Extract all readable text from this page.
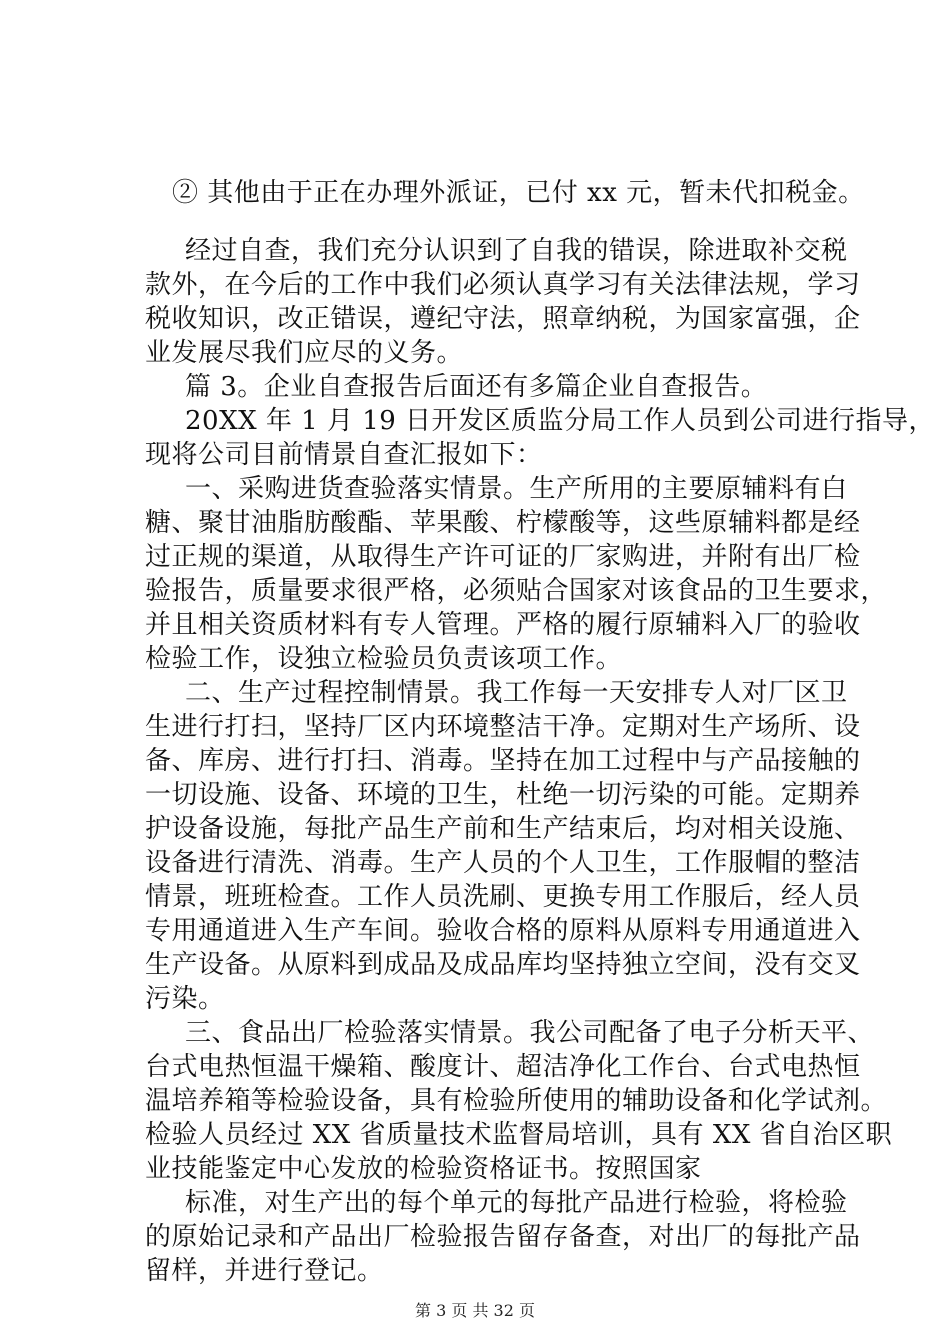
② 其他由于正在办理外派证，已付 xx 元，暂未代扣税金。
经过自查，我们充分认识到了自我的错误，除进取补交税
款外，在今后的工作中我们必须认真学习有关法律法规，学习
税收知识，改正错误，遵纪守法，照章纳税，为国家富强，企
业发展尽我们应尽的义务。
篇 3。企业自查报告后面还有多篇企业自查报告。
20XX 年 1 月 19 日开发区质监分局工作人员到公司进行指导，
现将公司目前情景自查汇报如下：
一、采购进货查验落实情景。生产所用的主要原辅料有白
糖、聚甘油脂肪酸酯、苹果酸、柠檬酸等，这些原辅料都是经
过正规的渠道，从取得生产许可证的厂家购进，并附有出厂检
验报告，质量要求很严格，必须贴合国家对该食品的卫生要求，
并且相关资质材料有专人管理。严格的履行原辅料入厂的验收
检验工作，设独立检验员负责该项工作。
二、生产过程控制情景。我工作每一天安排专人对厂区卫
生进行打扫，坚持厂区内环境整洁干净。定期对生产场所、设
备、库房、进行打扫、消毒。坚持在加工过程中与产品接触的
一切设施、设备、环境的卫生，杜绝一切污染的可能。定期养
护设备设施，每批产品生产前和生产结束后，均对相关设施、
设备进行清洗、消毒。生产人员的个人卫生，工作服帽的整洁
情景，班班检查。工作人员洗刷、更换专用工作服后，经人员
专用通道进入生产车间。验收合格的原料从原料专用通道进入
生产设备。从原料到成品及成品库均坚持独立空间，没有交叉
污染。
三、食品出厂检验落实情景。我公司配备了电子分析天平、
台式电热恒温干燥箱、酸度计、超洁净化工作台、台式电热恒
温培养箱等检验设备，具有检验所使用的辅助设备和化学试剂。
检验人员经过 XX 省质量技术监督局培训，具有 XX 省自治区职
业技能鉴定中心发放的检验资格证书。按照国家
标准，对生产出的每个单元的每批产品进行检验，将检验
的原始记录和产品出厂检验报告留存备查，对出厂的每批产品
留样，并进行登记。
第 3 页 共 32 页
